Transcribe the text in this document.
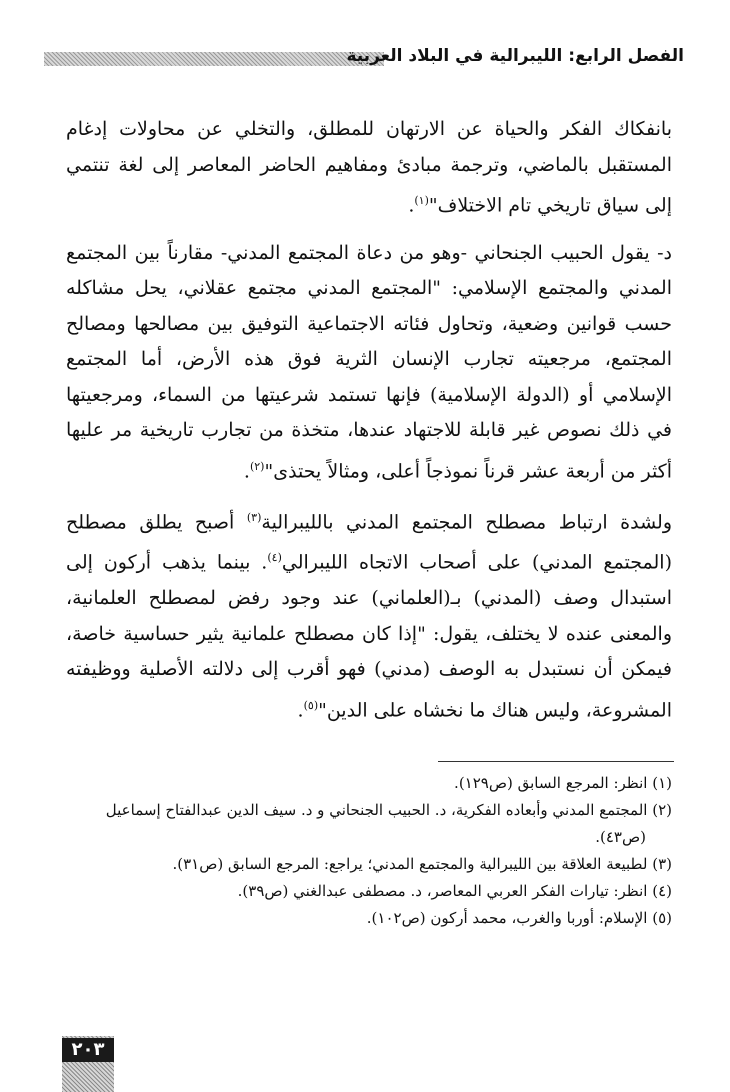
الفصل الرابع: الليبرالية في البلاد العربية

بانفكاك الفكر والحياة عن الارتهان للمطلق، والتخلي عن محاولات إدغام المستقبل بالماضي، وترجمة مبادئ ومفاهيم الحاضر المعاصر إلى لغة تنتمي إلى سياق تاريخي تام الاختلاف"$^{(١)}$.

د- يقول الحبيب الجنحاني -وهو من دعاة المجتمع المدني- مقارناً بين المجتمع المدني والمجتمع الإسلامي: "المجتمع المدني مجتمع عقلاني، يحل مشاكله حسب قوانين وضعية، وتحاول فئاته الاجتماعية التوفيق بين مصالحها ومصالح المجتمع، مرجعيته تجارب الإنسان الثرية فوق هذه الأرض، أما المجتمع الإسلامي أو (الدولة الإسلامية) فإنها تستمد شرعيتها من السماء، ومرجعيتها في ذلك نصوص غير قابلة للاجتهاد عندها، متخذة من تجارب تاريخية مر عليها أكثر من أربعة عشر قرناً نموذجاً أعلى، ومثالاً يحتذى"$^{(٢)}$.

ولشدة ارتباط مصطلح المجتمع المدني بالليبرالية$^{(٣)}$ أصبح يطلق مصطلح (المجتمع المدني) على أصحاب الاتجاه الليبرالي$^{(٤)}$. بينما يذهب أركون إلى استبدال وصف (المدني) بـ(العلماني) عند وجود رفض لمصطلح العلمانية، والمعنى عنده لا يختلف، يقول: "إذا كان مصطلح علمانية يثير حساسية خاصة، فيمكن أن نستبدل به الوصف (مدني) فهو أقرب إلى دلالته الأصلية ووظيفته المشروعة، وليس هناك ما نخشاه على الدين"$^{(٥)}$.

(١) انظر: المرجع السابق (ص١٢٩).

(٢) المجتمع المدني وأبعاده الفكرية، د. الحبيب الجنحاني و د. سيف الدين عبدالفتاح إسماعيل
(ص٤٣).

(٣) لطبيعة العلاقة بين الليبرالية والمجتمع المدني؛ يراجع: المرجع السابق (ص٣١).

(٤) انظر: تيارات الفكر العربي المعاصر، د. مصطفى عبدالغني (ص٣٩).

(٥) الإسلام: أوربا والغرب، محمد أركون (ص١٠٢).

٢٠٣
